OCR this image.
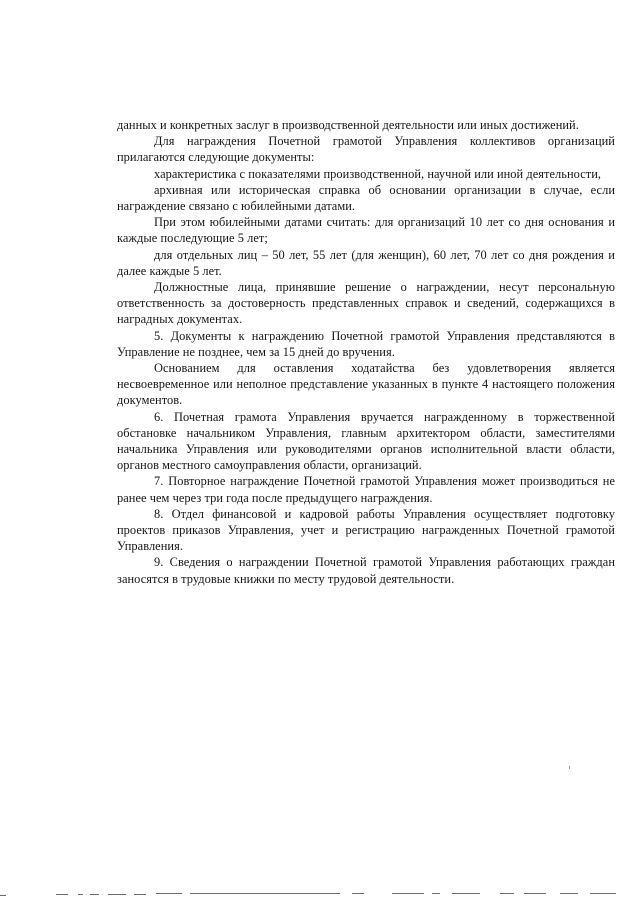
данных и конкретных заслуг в производственной деятельности или иных достижений.

Для награждения Почетной грамотой Управления коллективов организаций прилагаются следующие документы:

характеристика с показателями производственной, научной или иной деятельности,

архивная или историческая справка об основании организации в случае, если награждение связано с юбилейными датами.

При этом юбилейными датами считать: для организаций 10 лет со дня основания и каждые последующие 5 лет;

для отдельных лиц – 50 лет, 55 лет (для женщин), 60 лет, 70 лет со дня рождения и далее каждые 5 лет.

Должностные лица, принявшие решение о награждении, несут персональную ответственность за достоверность представленных справок и сведений, содержащихся в наградных документах.

5. Документы к награждению Почетной грамотой Управления представляются в Управление не позднее, чем за 15 дней до вручения.

Основанием для оставления ходатайства без удовлетворения является несвоевременное или неполное представление указанных в пункте 4 настоящего положения документов.

6. Почетная грамота Управления вручается награжденному в торжественной обстановке начальником Управления, главным архитектором области, заместителями начальника Управления или руководителями органов исполнительной власти области, органов местного самоуправления области, организаций.

7. Повторное награждение Почетной грамотой Управления может производиться не ранее чем через три года после предыдущего награждения.

8. Отдел финансовой и кадровой работы Управления осуществляет подготовку проектов приказов Управления, учет и регистрацию награжденных Почетной грамотой Управления.

9. Сведения о награждении Почетной грамотой Управления работающих граждан заносятся в трудовые книжки по месту трудовой деятельности.
